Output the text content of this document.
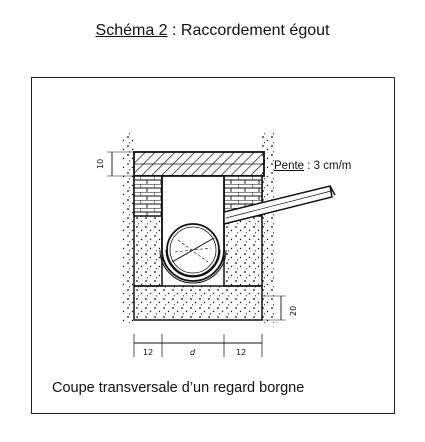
Schéma 2 : Raccordement égout
10
20
12	d	12
Pente : 3 cm/m
Coupe transversale d’un regard borgne
